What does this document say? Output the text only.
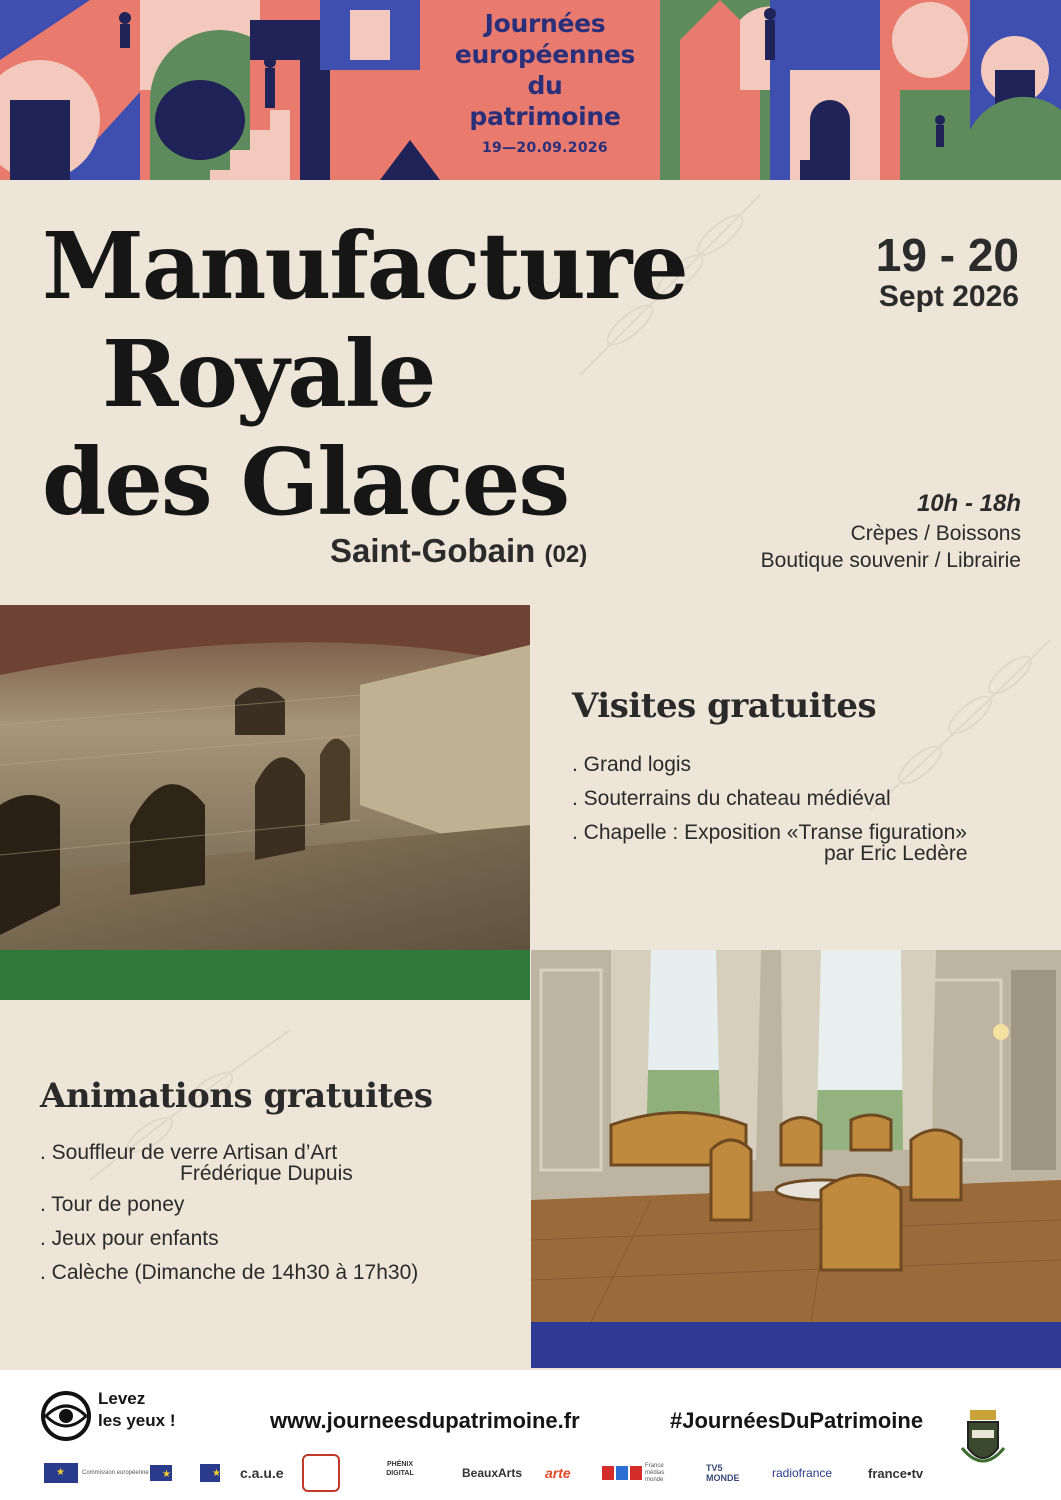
Journées
européennes
du
patrimoine
19—20.09.2026
Manufacture
Royale
des Glaces
Saint-Gobain (02)
19 - 20
Sept 2026
10h - 18h
Crèpes / Boissons
Boutique souvenir / Librairie
Visites gratuites
. Grand logis
. Souterrains du chateau médiéval
. Chapelle : Exposition «Transe figuration»
par Eric Ledère
Animations gratuites
. Souffleur de verre Artisan d’Art
Frédérique Dupuis
. Tour de poney
. Jeux pour enfants
. Calèche (Dimanche de 14h30 à 17h30)
Levez
les yeux !	www.journeesdupatrimoine.fr	#JournéesDuPatrimoine
★
Commission européenne ★ ★	c.a.u.e
PHÉNIX DIGITAL	BeauxArts arte	France médias monde
TV5 MONDE	radiofrance	france•tv
